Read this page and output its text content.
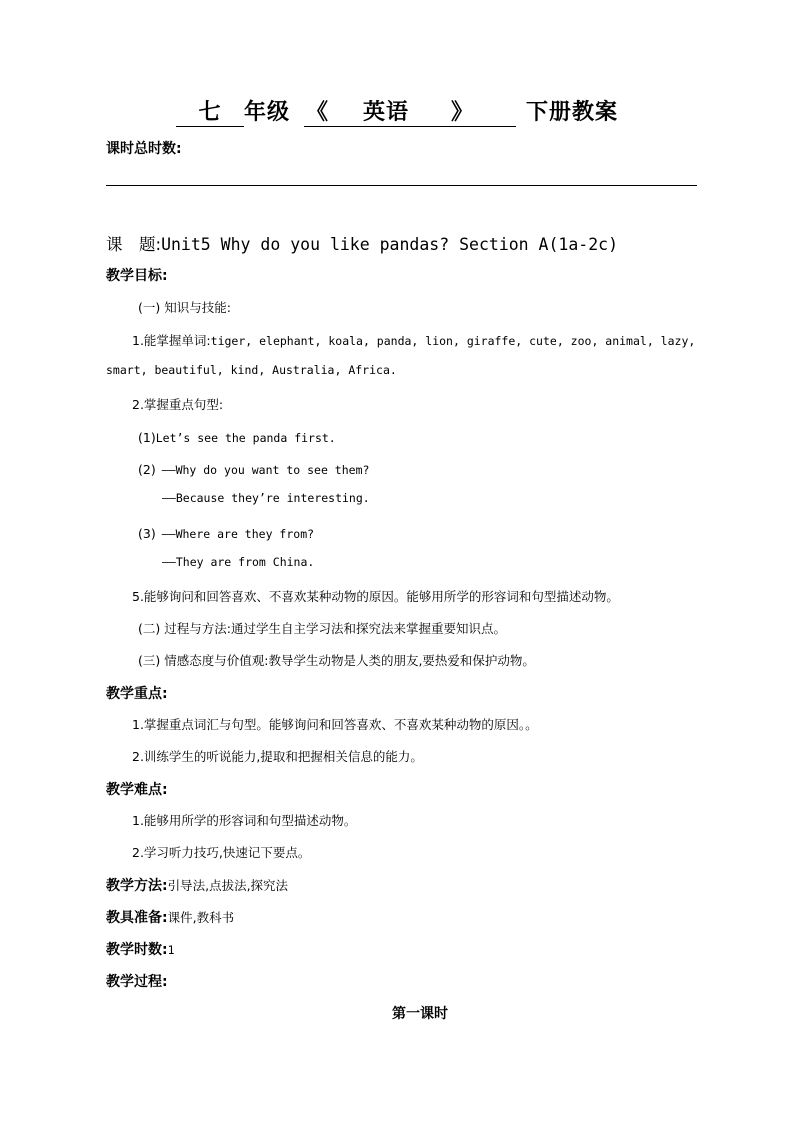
七 年级 《 英语 》 下册教案
课时总时数:
课　题:Unit5 Why do you like pandas? Section A(1a-2c)
教学目标:
(一) 知识与技能:
1.能掌握单词:tiger, elephant, koala, panda, lion, giraffe, cute, zoo, animal, lazy,
smart, beautiful, kind, Australia, Africa.
2.掌握重点句型:
(1)Let’s see the panda first.
(2) ——Why do you want to see them?
——Because they’re interesting.
(3) ——Where are they from?
——They are from China.
5.能够询问和回答喜欢、不喜欢某种动物的原因。能够用所学的形容词和句型描述动物。
(二) 过程与方法:通过学生自主学习法和探究法来掌握重要知识点。
(三) 情感态度与价值观:教导学生动物是人类的朋友,要热爱和保护动物。
教学重点:
1.掌握重点词汇与句型。能够询问和回答喜欢、不喜欢某种动物的原因。。
2.训练学生的听说能力,提取和把握相关信息的能力。
教学难点:
1.能够用所学的形容词和句型描述动物。
2.学习听力技巧,快速记下要点。
教学方法:引导法,点拔法,探究法
教具准备:课件,教科书
教学时数:1
教学过程:
第一课时
